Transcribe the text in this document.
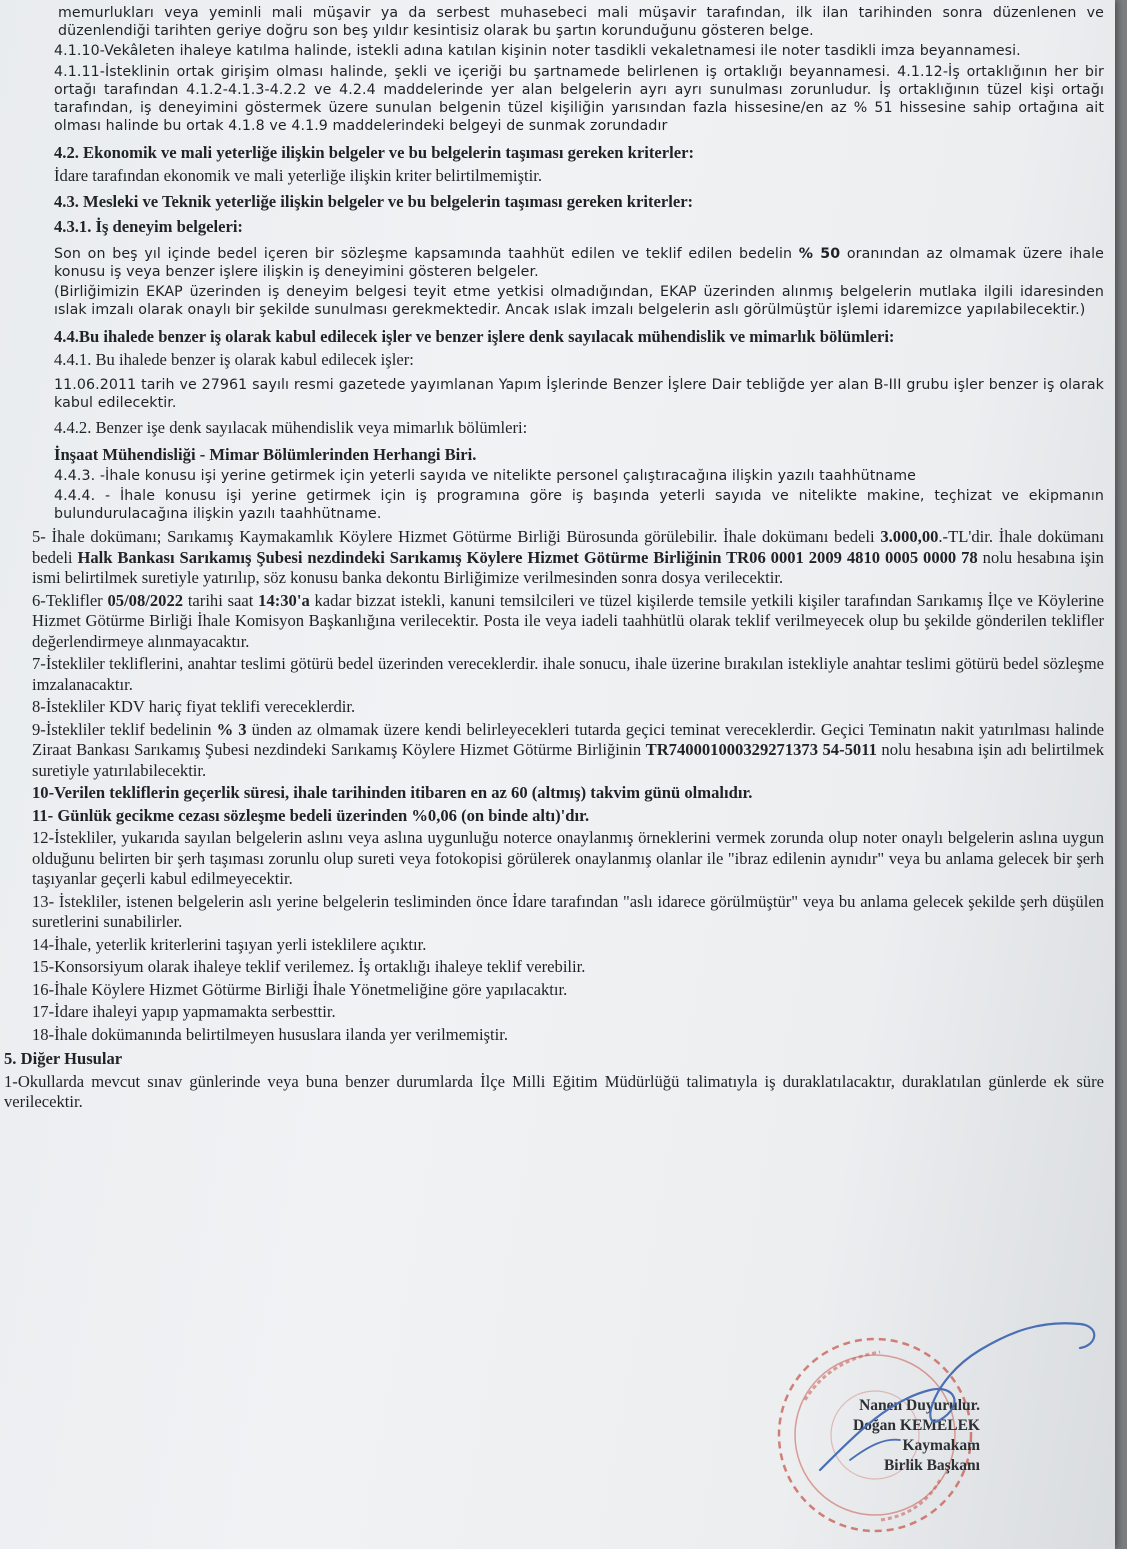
memurlukları veya yeminli mali müşavir ya da serbest muhasebeci mali müşavir tarafından, ilk ilan tarihinden sonra düzenlenen ve düzenlendiği tarihten geriye doğru son beş yıldır kesintisiz olarak bu şartın korunduğunu gösteren belge.

4.1.10-Vekâleten ihaleye katılma halinde, istekli adına katılan kişinin noter tasdikli vekaletnamesi ile noter tasdikli imza beyannamesi.

4.1.11-İsteklinin ortak girişim olması halinde, şekli ve içeriği bu şartnamede belirlenen iş ortaklığı beyannamesi. 4.1.12-İş ortaklığının her bir ortağı tarafından 4.1.2-4.1.3-4.2.2 ve 4.2.4 maddelerinde yer alan belgelerin ayrı ayrı sunulması zorunludur. İş ortaklığının tüzel kişi ortağı tarafından, iş deneyimini göstermek üzere sunulan belgenin tüzel kişiliğin yarısından fazla hissesine/en az % 51 hissesine sahip ortağına ait olması halinde bu ortak 4.1.8 ve 4.1.9 maddelerindeki belgeyi de sunmak zorundadır

4.2. Ekonomik ve mali yeterliğe ilişkin belgeler ve bu belgelerin taşıması gereken kriterler:

İdare tarafından ekonomik ve mali yeterliğe ilişkin kriter belirtilmemiştir.

4.3. Mesleki ve Teknik yeterliğe ilişkin belgeler ve bu belgelerin taşıması gereken kriterler:

4.3.1. İş deneyim belgeleri:

Son on beş yıl içinde bedel içeren bir sözleşme kapsamında taahhüt edilen ve teklif edilen bedelin % 50 oranından az olmamak üzere ihale konusu iş veya benzer işlere ilişkin iş deneyimini gösteren belgeler.

(Birliğimizin EKAP üzerinden iş deneyim belgesi teyit etme yetkisi olmadığından, EKAP üzerinden alınmış belgelerin mutlaka ilgili idaresinden ıslak imzalı olarak onaylı bir şekilde sunulması gerekmektedir. Ancak ıslak imzalı belgelerin aslı görülmüştür işlemi idaremizce yapılabilecektir.)

4.4.Bu ihalede benzer iş olarak kabul edilecek işler ve benzer işlere denk sayılacak mühendislik ve mimarlık bölümleri:

4.4.1. Bu ihalede benzer iş olarak kabul edilecek işler:

11.06.2011 tarih ve 27961 sayılı resmi gazetede yayımlanan Yapım İşlerinde Benzer İşlere Dair tebliğde yer alan B-III grubu işler benzer iş olarak kabul edilecektir.

4.4.2. Benzer işe denk sayılacak mühendislik veya mimarlık bölümleri:

İnşaat Mühendisliği - Mimar Bölümlerinden Herhangi Biri.

4.4.3. -İhale konusu işi yerine getirmek için yeterli sayıda ve nitelikte personel çalıştıracağına ilişkin yazılı taahhütname

4.4.4. - İhale konusu işi yerine getirmek için iş programına göre iş başında yeterli sayıda ve nitelikte makine, teçhizat ve ekipmanın bulundurulacağına ilişkin yazılı taahhütname.

5- İhale dokümanı; Sarıkamış Kaymakamlık Köylere Hizmet Götürme Birliği Bürosunda görülebilir. İhale dokümanı bedeli 3.000,00.-TL'dir. İhale dokümanı bedeli Halk Bankası Sarıkamış Şubesi nezdindeki Sarıkamış Köylere Hizmet Götürme Birliğinin TR06 0001 2009 4810 0005 0000 78 nolu hesabına işin ismi belirtilmek suretiyle yatırılıp, söz konusu banka dekontu Birliğimize verilmesinden sonra dosya verilecektir.

6-Teklifler 05/08/2022 tarihi saat 14:30'a kadar bizzat istekli, kanuni temsilcileri ve tüzel kişilerde temsile yetkili kişiler tarafından Sarıkamış İlçe ve Köylerine Hizmet Götürme Birliği İhale Komisyon Başkanlığına verilecektir. Posta ile veya iadeli taahhütlü olarak teklif verilmeyecek olup bu şekilde gönderilen teklifler değerlendirmeye alınmayacaktır.

7-İstekliler tekliflerini, anahtar teslimi götürü bedel üzerinden vereceklerdir. ihale sonucu, ihale üzerine bırakılan istekliyle anahtar teslimi götürü bedel sözleşme imzalanacaktır.

8-İstekliler KDV hariç fiyat teklifi vereceklerdir.

9-İstekliler teklif bedelinin % 3 ünden az olmamak üzere kendi belirleyecekleri tutarda geçici teminat vereceklerdir. Geçici Teminatın nakit yatırılması halinde Ziraat Bankası Sarıkamış Şubesi nezdindeki Sarıkamış Köylere Hizmet Götürme Birliğinin TR740001000329271373 54-5011 nolu hesabına işin adı belirtilmek suretiyle yatırılabilecektir.

10-Verilen tekliflerin geçerlik süresi, ihale tarihinden itibaren en az 60 (altmış) takvim günü olmalıdır.

11- Günlük gecikme cezası sözleşme bedeli üzerinden %0,06 (on binde altı)'dır.

12-İstekliler, yukarıda sayılan belgelerin aslını veya aslına uygunluğu noterce onaylanmış örneklerini vermek zorunda olup noter onaylı belgelerin aslına uygun olduğunu belirten bir şerh taşıması zorunlu olup sureti veya fotokopisi görülerek onaylanmış olanlar ile "ibraz edilenin aynıdır" veya bu anlama gelecek bir şerh taşıyanlar geçerli kabul edilmeyecektir.

13- İstekliler, istenen belgelerin aslı yerine belgelerin tesliminden önce İdare tarafından "aslı idarece görülmüştür" veya bu anlama gelecek şekilde şerh düşülen suretlerini sunabilirler.

14-İhale, yeterlik kriterlerini taşıyan yerli isteklilere açıktır.

15-Konsorsiyum olarak ihaleye teklif verilemez. İş ortaklığı ihaleye teklif verebilir.

16-İhale Köylere Hizmet Götürme Birliği İhale Yönetmeliğine göre yapılacaktır.

17-İdare ihaleyi yapıp yapmamakta serbesttir.

18-İhale dokümanında belirtilmeyen hususlara ilanda yer verilmemiştir.

5. Diğer Husular

1-Okullarda mevcut sınav günlerinde veya buna benzer durumlarda İlçe Milli Eğitim Müdürlüğü talimatıyla iş duraklatılacaktır, duraklatılan günlerde ek süre verilecektir.

Nanen Duyurulur.
Doğan KEMELEK
Kaymakam
Birlik Başkanı
